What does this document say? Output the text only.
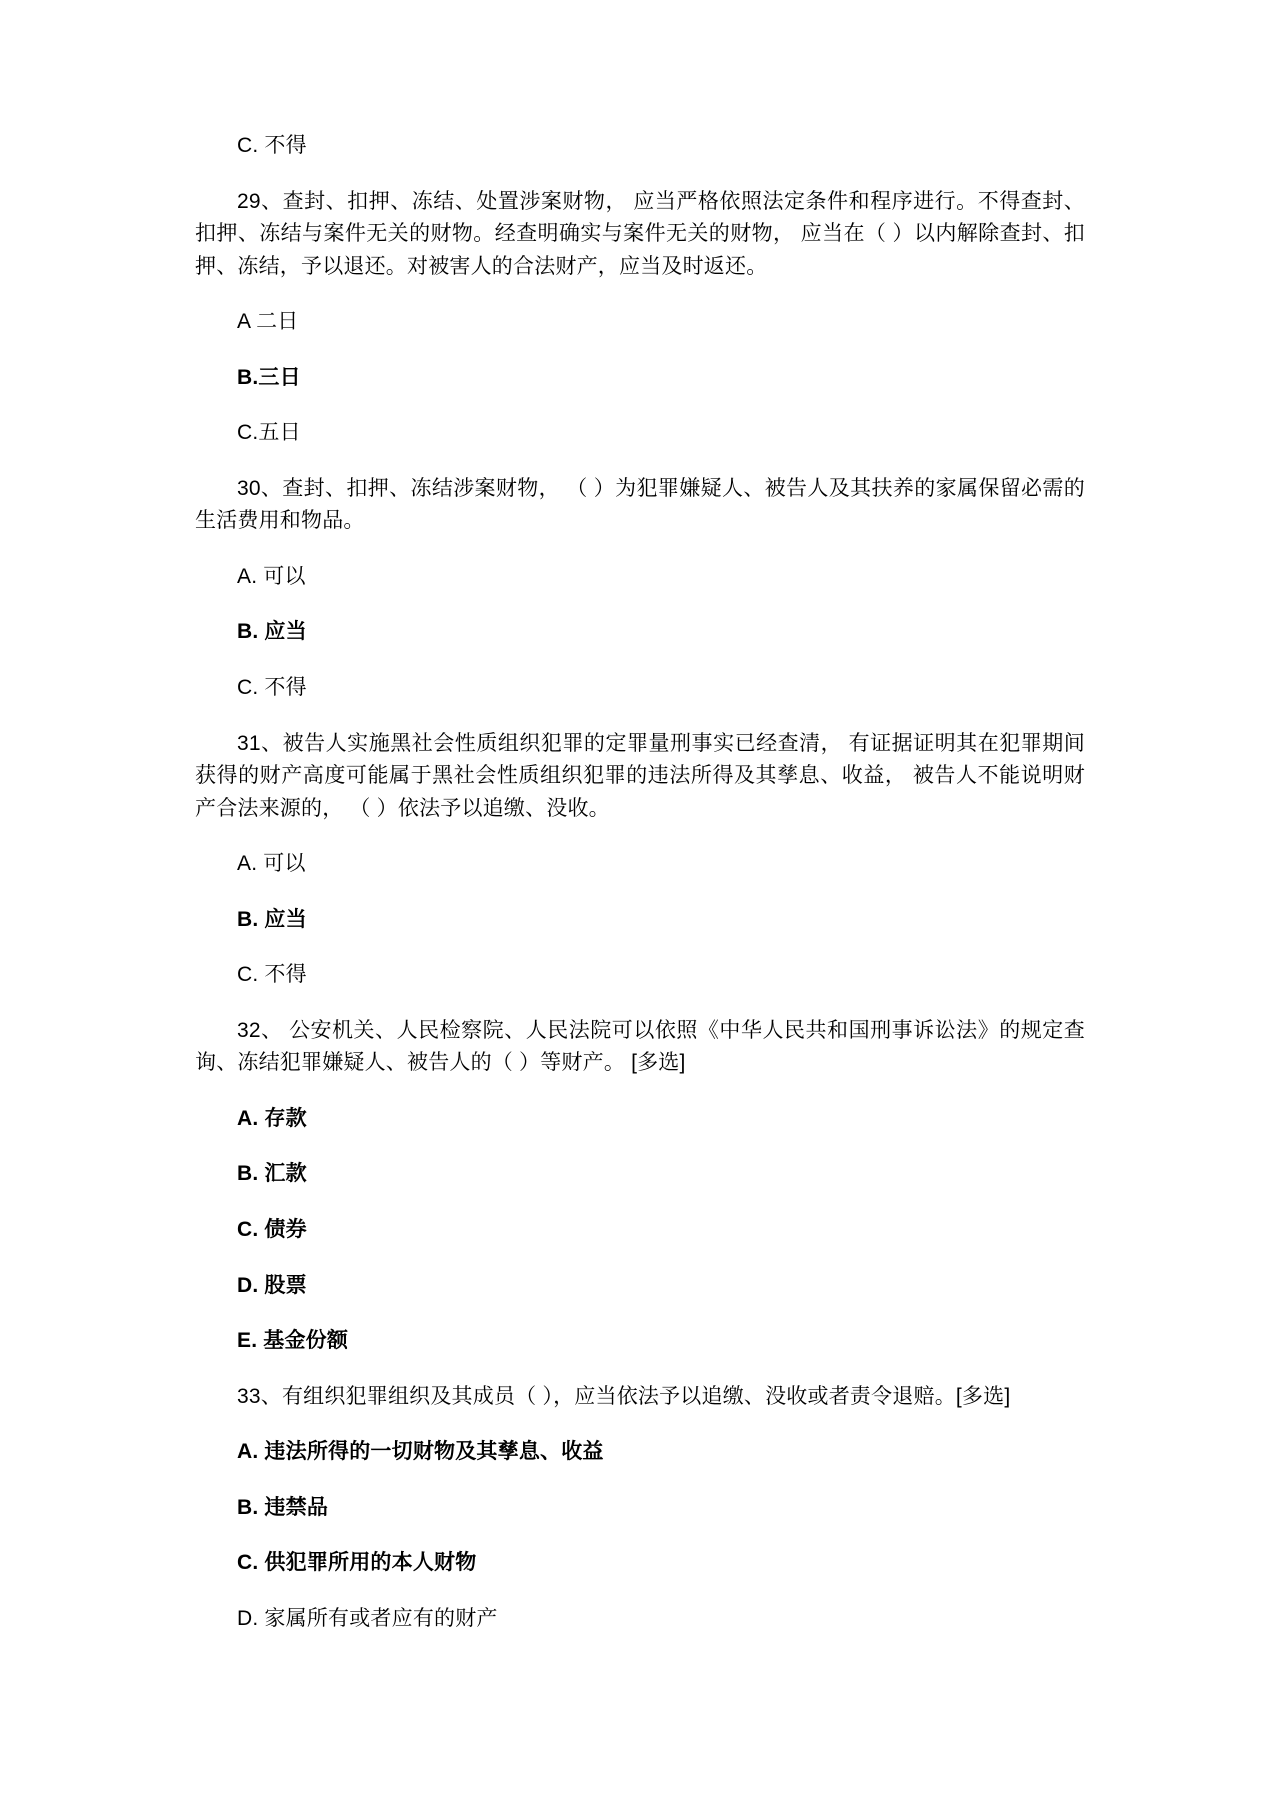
C. 不得

29、查封、扣押、冻结、处置涉案财物， 应当严格依照法定条件和程序进行。不得查封、扣押、冻结与案件无关的财物。经查明确实与案件无关的财物， 应当在（ ）以内解除查封、扣押、冻结，予以退还。对被害人的合法财产，应当及时返还。

A 二日

B.三日

C.五日

30、查封、扣押、冻结涉案财物， （ ）为犯罪嫌疑人、被告人及其扶养的家属保留必需的生活费用和物品。

A. 可以

B. 应当

C. 不得

31、被告人实施黑社会性质组织犯罪的定罪量刑事实已经查清， 有证据证明其在犯罪期间获得的财产高度可能属于黑社会性质组织犯罪的违法所得及其孳息、收益， 被告人不能说明财产合法来源的， （ ）依法予以追缴、没收。

A. 可以

B. 应当

C. 不得

32、 公安机关、人民检察院、人民法院可以依照《中华人民共和国刑事诉讼法》的规定查询、冻结犯罪嫌疑人、被告人的（ ）等财产。 [多选]

A. 存款

B. 汇款

C. 债券

D. 股票

E. 基金份额

33、有组织犯罪组织及其成员（ ），应当依法予以追缴、没收或者责令退赔。[多选]

A. 违法所得的一切财物及其孳息、收益

B. 违禁品

C. 供犯罪所用的本人财物

D. 家属所有或者应有的财产
